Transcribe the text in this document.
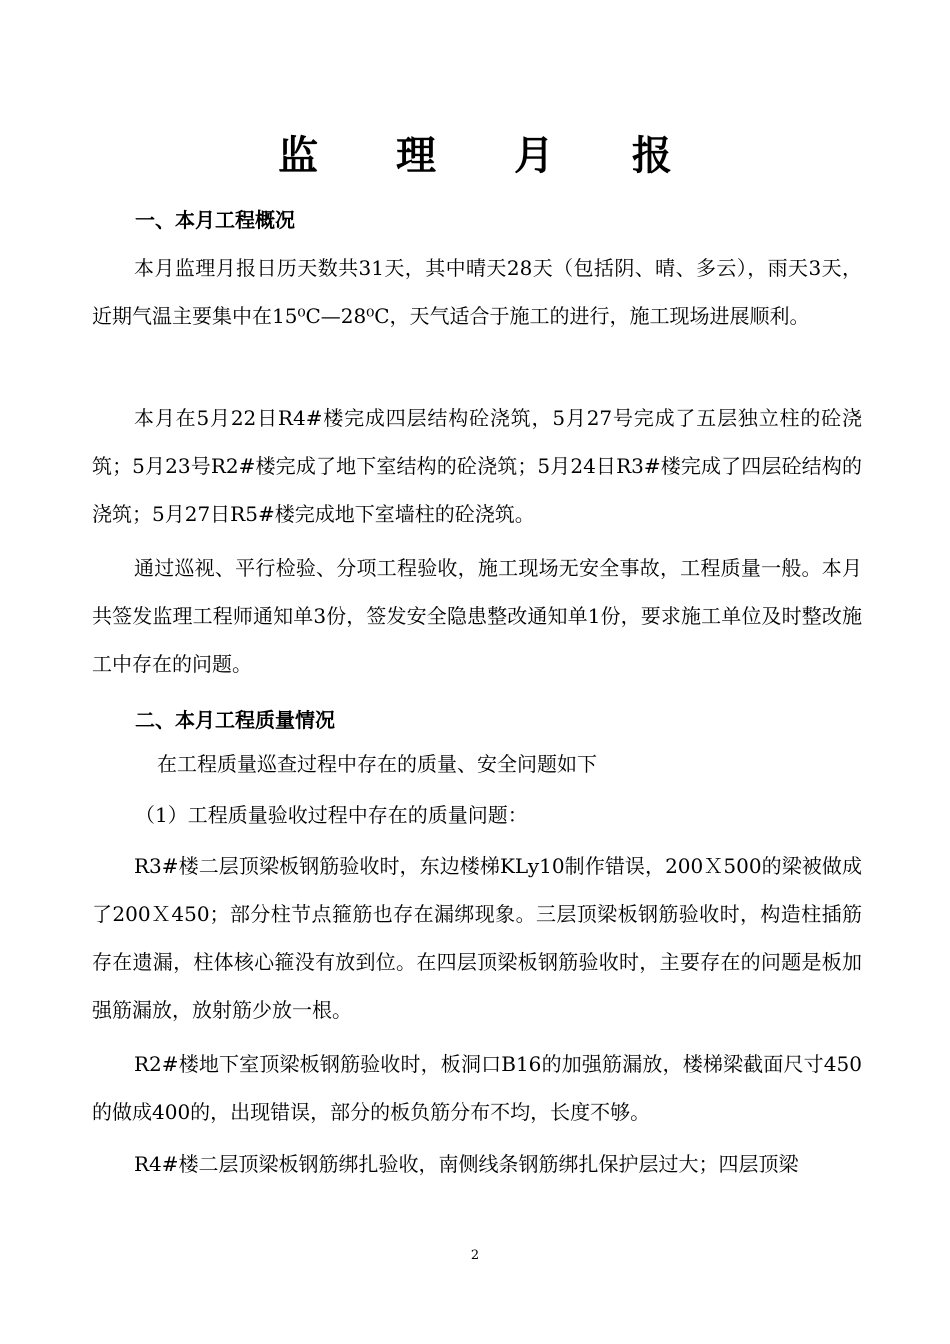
监 理 月 报
一、本月工程概况

本月监理月报日历天数共31天，其中晴天28天（包括阴、晴、多云），雨天3天，近期气温主要集中在15⁰C—28⁰C，天气适合于施工的进行，施工现场进展顺利。

本月在5月22日R4#楼完成四层结构砼浇筑，5月27号完成了五层独立柱的砼浇筑；5月23号R2#楼完成了地下室结构的砼浇筑；5月24日R3#楼完成了四层砼结构的浇筑；5月27日R5#楼完成地下室墙柱的砼浇筑。

通过巡视、平行检验、分项工程验收，施工现场无安全事故，工程质量一般。本月共签发监理工程师通知单3份，签发安全隐患整改通知单1份，要求施工单位及时整改施工中存在的问题。

二、本月工程质量情况

在工程质量巡查过程中存在的质量、安全问题如下

（1）工程质量验收过程中存在的质量问题：

R3#楼二层顶梁板钢筋验收时，东边楼梯KLy10制作错误，200Ｘ500的梁被做成了200Ｘ450；部分柱节点箍筋也存在漏绑现象。三层顶梁板钢筋验收时，构造柱插筋存在遗漏，柱体核心箍没有放到位。在四层顶梁板钢筋验收时，主要存在的问题是板加强筋漏放，放射筋少放一根。

R2#楼地下室顶梁板钢筋验收时，板洞口B16的加强筋漏放，楼梯梁截面尺寸450的做成400的，出现错误，部分的板负筋分布不均，长度不够。

R4#楼二层顶梁板钢筋绑扎验收，南侧线条钢筋绑扎保护层过大；四层顶梁

2
